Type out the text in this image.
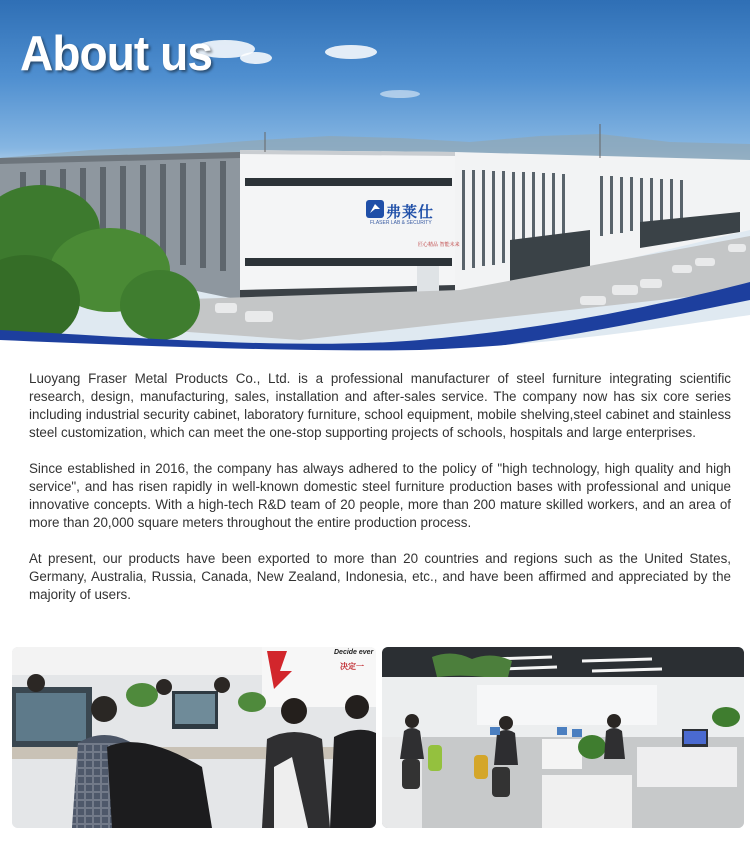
弗莱仕
FLASER LAB & SECURITY
匠心精品 智能未来
About us

Luoyang Fraser Metal Products Co., Ltd. is a professional manufacturer of steel furniture integrating scientific research, design, manufacturing, sales, installation and after-sales service. The company now has six core series including industrial security cabinet, laboratory furniture, school equipment, mobile shelving,steel cabinet and stainless steel customization, which can meet the one-stop supporting projects of schools, hospitals and large enterprises.

Since established in 2016, the company has always adhered to the policy of "high technology, high quality and high service", and has risen rapidly in well-known domestic steel furniture production bases with professional and unique innovative concepts. With a high-tech R&D team of 20 people, more than 200 mature skilled workers, and an area of more than 20,000 square meters throughout the entire production process.

At present, our products have been exported to more than 20 countries and regions such as the United States, Germany, Australia, Russia, Canada, New Zealand, Indonesia, etc., and have been affirmed and appreciated by the majority of users.

Decide ever
决定一
